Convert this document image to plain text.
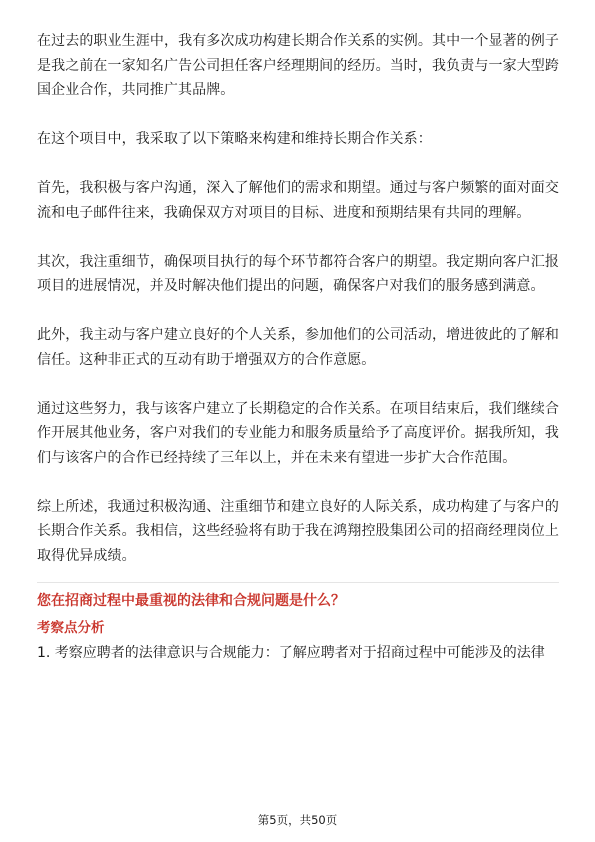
在过去的职业生涯中，我有多次成功构建长期合作关系的实例。其中一个显著的例子是我之前在一家知名广告公司担任客户经理期间的经历。当时，我负责与一家大型跨国企业合作，共同推广其品牌。

在这个项目中，我采取了以下策略来构建和维持长期合作关系：

首先，我积极与客户沟通，深入了解他们的需求和期望。通过与客户频繁的面对面交流和电子邮件往来，我确保双方对项目的目标、进度和预期结果有共同的理解。

其次，我注重细节，确保项目执行的每个环节都符合客户的期望。我定期向客户汇报项目的进展情况，并及时解决他们提出的问题，确保客户对我们的服务感到满意。

此外，我主动与客户建立良好的个人关系，参加他们的公司活动，增进彼此的了解和信任。这种非正式的互动有助于增强双方的合作意愿。

通过这些努力，我与该客户建立了长期稳定的合作关系。在项目结束后，我们继续合作开展其他业务，客户对我们的专业能力和服务质量给予了高度评价。据我所知，我们与该客户的合作已经持续了三年以上，并在未来有望进一步扩大合作范围。

综上所述，我通过积极沟通、注重细节和建立良好的人际关系，成功构建了与客户的长期合作关系。我相信，这些经验将有助于我在鸿翔控股集团公司的招商经理岗位上取得优异成绩。

您在招商过程中最重视的法律和合规问题是什么？
考察点分析

1. 考察应聘者的法律意识与合规能力：了解应聘者对于招商过程中可能涉及的法律

第5页，共50页
